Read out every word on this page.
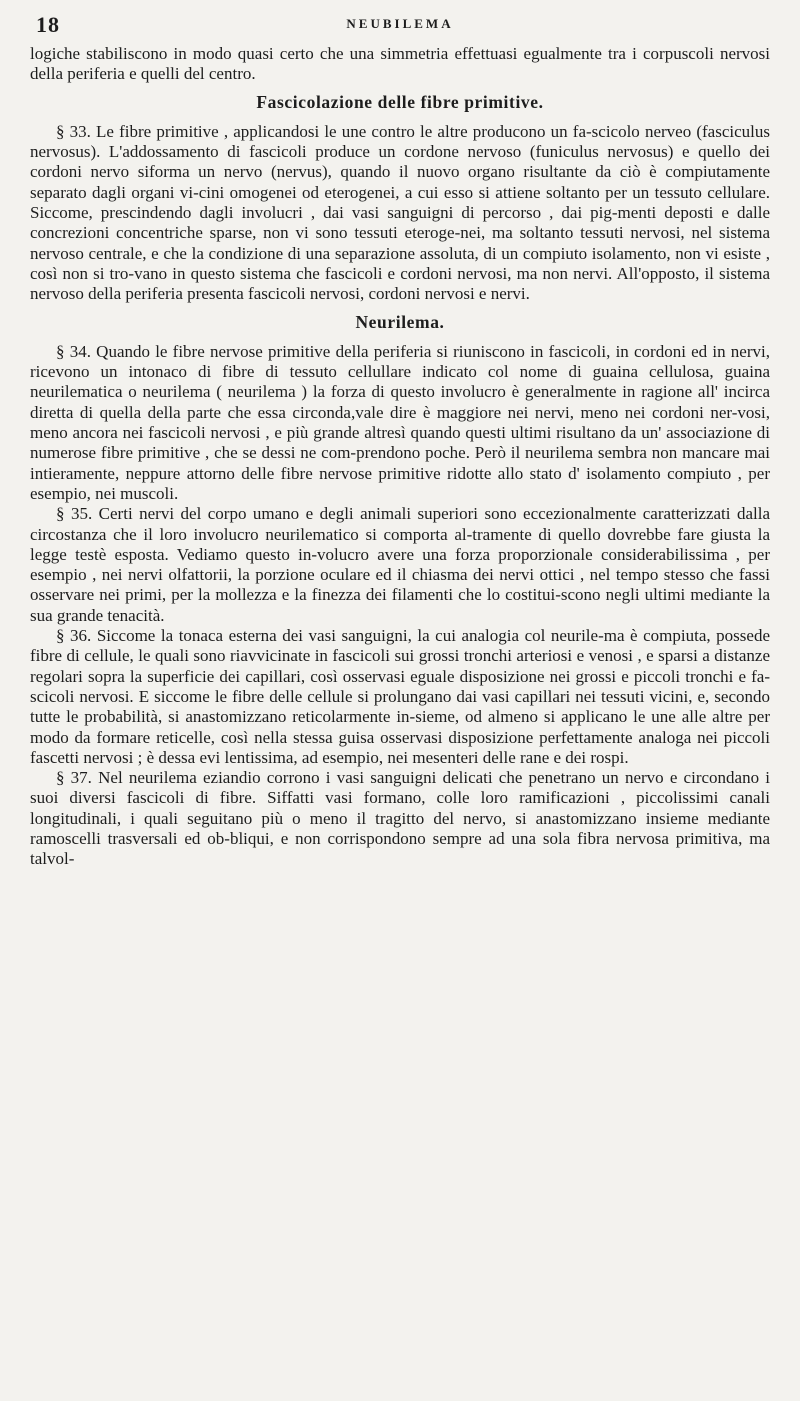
18	NEUBILEMA

logiche stabiliscono in modo quasi certo che una simmetria effettuasi egualmente tra i corpuscoli nervosi della periferia e quelli del centro.

Fascicolazione delle fibre primitive.

§ 33. Le fibre primitive , applicandosi le une contro le altre producono un fa-scicolo nerveo (fasciculus nervosus). L'addossamento di fascicoli produce un cordone nervoso (funiculus nervosus) e quello dei cordoni nervo siforma un nervo (nervus), quando il nuovo organo risultante da ciò è compiutamente separato dagli organi vi-cini omogenei od eterogenei, a cui esso si attiene soltanto per un tessuto cellulare. Siccome, prescindendo dagli involucri , dai vasi sanguigni di percorso , dai pig-menti deposti e dalle concrezioni concentriche sparse, non vi sono tessuti eteroge-nei, ma soltanto tessuti nervosi, nel sistema nervoso centrale, e che la condizione di una separazione assoluta, di un compiuto isolamento, non vi esiste , così non si tro-vano in questo sistema che fascicoli e cordoni nervosi, ma non nervi. All'opposto, il sistema nervoso della periferia presenta fascicoli nervosi, cordoni nervosi e nervi.

Neurilema.

§ 34. Quando le fibre nervose primitive della periferia si riuniscono in fascicoli, in cordoni ed in nervi, ricevono un intonaco di fibre di tessuto cellullare indicato col nome di guaina cellulosa, guaina neurilematica o neurilema ( neurilema ) la forza di questo involucro è generalmente in ragione all' incirca diretta di quella della parte che essa circonda,vale dire è maggiore nei nervi, meno nei cordoni ner-vosi, meno ancora nei fascicoli nervosi , e più grande altresì quando questi ultimi risultano da un' associazione di numerose fibre primitive , che se dessi ne com-prendono poche. Però il neurilema sembra non mancare mai intieramente, neppure attorno delle fibre nervose primitive ridotte allo stato d' isolamento compiuto , per esempio, nei muscoli.

§ 35. Certi nervi del corpo umano e degli animali superiori sono eccezionalmente caratterizzati dalla circostanza che il loro involucro neurilematico si comporta al-tramente di quello dovrebbe fare giusta la legge testè esposta. Vediamo questo in-volucro avere una forza proporzionale considerabilissima , per esempio , nei nervi olfattorii, la porzione oculare ed il chiasma dei nervi ottici , nel tempo stesso che fassi osservare nei primi, per la mollezza e la finezza dei filamenti che lo costitui-scono negli ultimi mediante la sua grande tenacità.

§ 36. Siccome la tonaca esterna dei vasi sanguigni, la cui analogia col neurile-ma è compiuta, possede fibre di cellule, le quali sono riavvicinate in fascicoli sui grossi tronchi arteriosi e venosi , e sparsi a distanze regolari sopra la superficie dei capillari, così osservasi eguale disposizione nei grossi e piccoli tronchi e fa-scicoli nervosi. E siccome le fibre delle cellule si prolungano dai vasi capillari nei tessuti vicini, e, secondo tutte le probabilità, si anastomizzano reticolarmente in-sieme, od almeno si applicano le une alle altre per modo da formare reticelle, così nella stessa guisa osservasi disposizione perfettamente analoga nei piccoli fascetti nervosi ; è dessa evi lentissima, ad esempio, nei mesenteri delle rane e dei rospi.

§ 37. Nel neurilema eziandio corrono i vasi sanguigni delicati che penetrano un nervo e circondano i suoi diversi fascicoli di fibre. Siffatti vasi formano, colle loro ramificazioni , piccolissimi canali longitudinali, i quali seguitano più o meno il tragitto del nervo, si anastomizzano insieme mediante ramoscelli trasversali ed ob-bliqui, e non corrispondono sempre ad una sola fibra nervosa primitiva, ma talvol-
